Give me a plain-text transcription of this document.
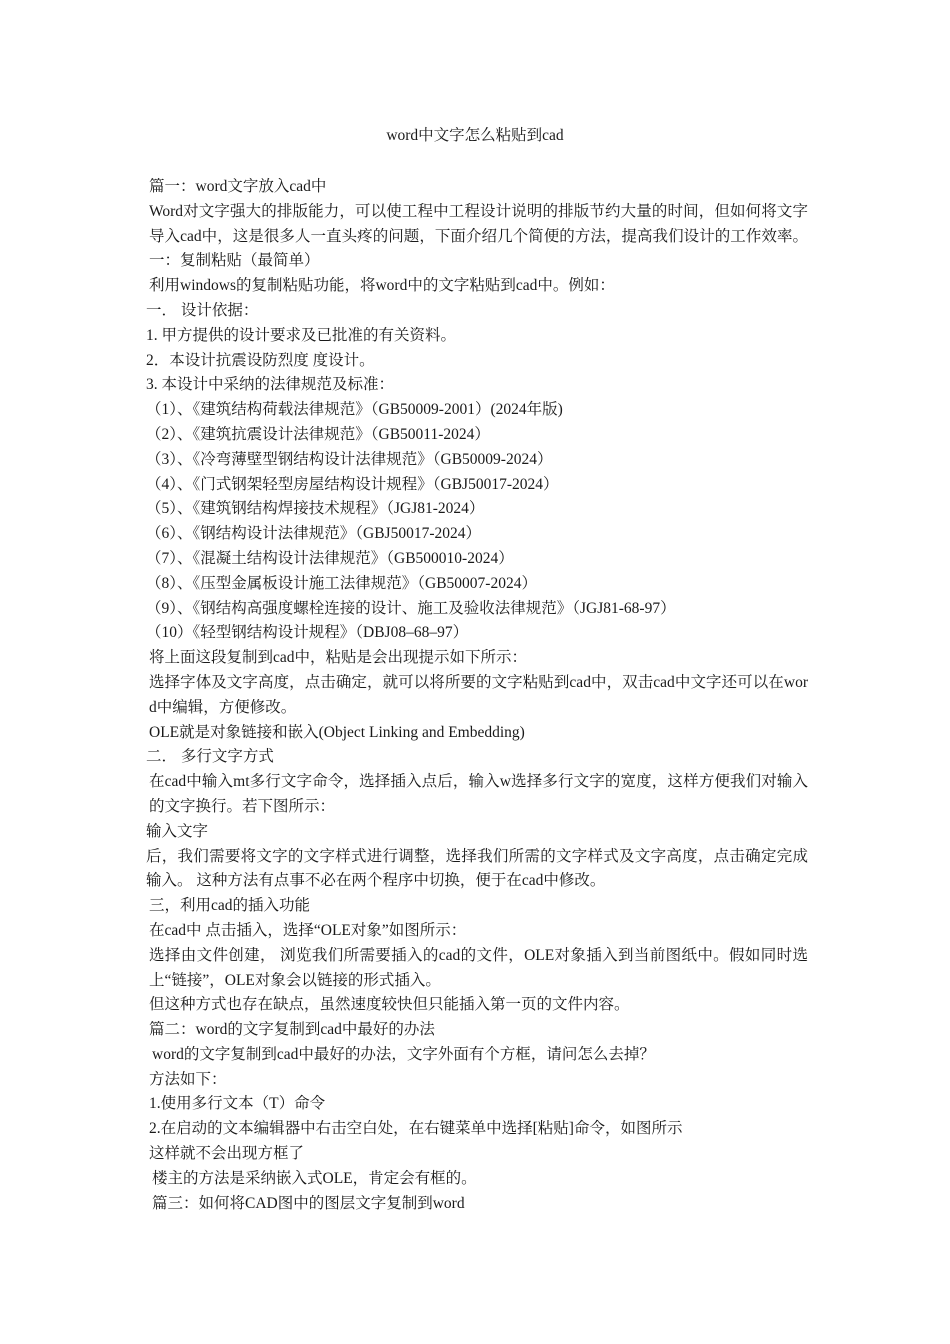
word中文字怎么粘贴到cad

篇一：word文字放入cad中

Word对文字强大的排版能力，可以使工程中工程设计说明的排版节约大量的时间，但如何将文字导入cad中，这是很多人一直头疼的问题，下面介绍几个简便的方法，提高我们设计的工作效率。 一：复制粘贴（最简单）

利用windows的复制粘贴功能，将word中的文字粘贴到cad中。例如：

一． 设计依据：

1. 甲方提供的设计要求及已批准的有关资料。

2．本设计抗震设防烈度 度设计。

3. 本设计中采纳的法律规范及标准：

（1）、《建筑结构荷载法律规范》（GB50009-2001）(2024年版)

（2）、《建筑抗震设计法律规范》（GB50011-2024）

（3）、《冷弯薄壁型钢结构设计法律规范》（GB50009-2024）

（4）、《门式钢架轻型房屋结构设计规程》（GBJ50017-2024）

（5）、《建筑钢结构焊接技术规程》（JGJ81-2024）

（6）、《钢结构设计法律规范》（GBJ50017-2024）

（7）、《混凝土结构设计法律规范》（GB500010-2024）

（8）、《压型金属板设计施工法律规范》（GB50007-2024）

（9）、《钢结构高强度螺栓连接的设计、施工及验收法律规范》（JGJ81-68-97）

（10）《轻型钢结构设计规程》（DBJ08–68–97）

将上面这段复制到cad中，粘贴是会出现提示如下所示：

选择字体及文字高度，点击确定，就可以将所要的文字粘贴到cad中，双击cad中文字还可以在word中编辑，方便修改。

OLE就是对象链接和嵌入(Object Linking and Embedding)

二． 多行文字方式

在cad中输入mt多行文字命令，选择插入点后，输入w选择多行文字的宽度，这样方便我们对输入的文字换行。若下图所示：

输入文字

后，我们需要将文字的文字样式进行调整，选择我们所需的文字样式及文字高度，点击确定完成输入。 这种方法有点事不必在两个程序中切换，便于在cad中修改。

三，利用cad的插入功能

在cad中 点击插入，选择“OLE对象”如图所示：

选择由文件创建， 浏览我们所需要插入的cad的文件，OLE对象插入到当前图纸中。假如同时选上“链接”，OLE对象会以链接的形式插入。

但这种方式也存在缺点，虽然速度较快但只能插入第一页的文件内容。

篇二：word的文字复制到cad中最好的办法

word的文字复制到cad中最好的办法，文字外面有个方框，请问怎么去掉？

方法如下：

1.使用多行文本（T）命令

2.在启动的文本编辑器中右击空白处，在右键菜单中选择[粘贴]命令，如图所示

这样就不会出现方框了

楼主的方法是采纳嵌入式OLE，肯定会有框的。

篇三：如何将CAD图中的图层文字复制到word
